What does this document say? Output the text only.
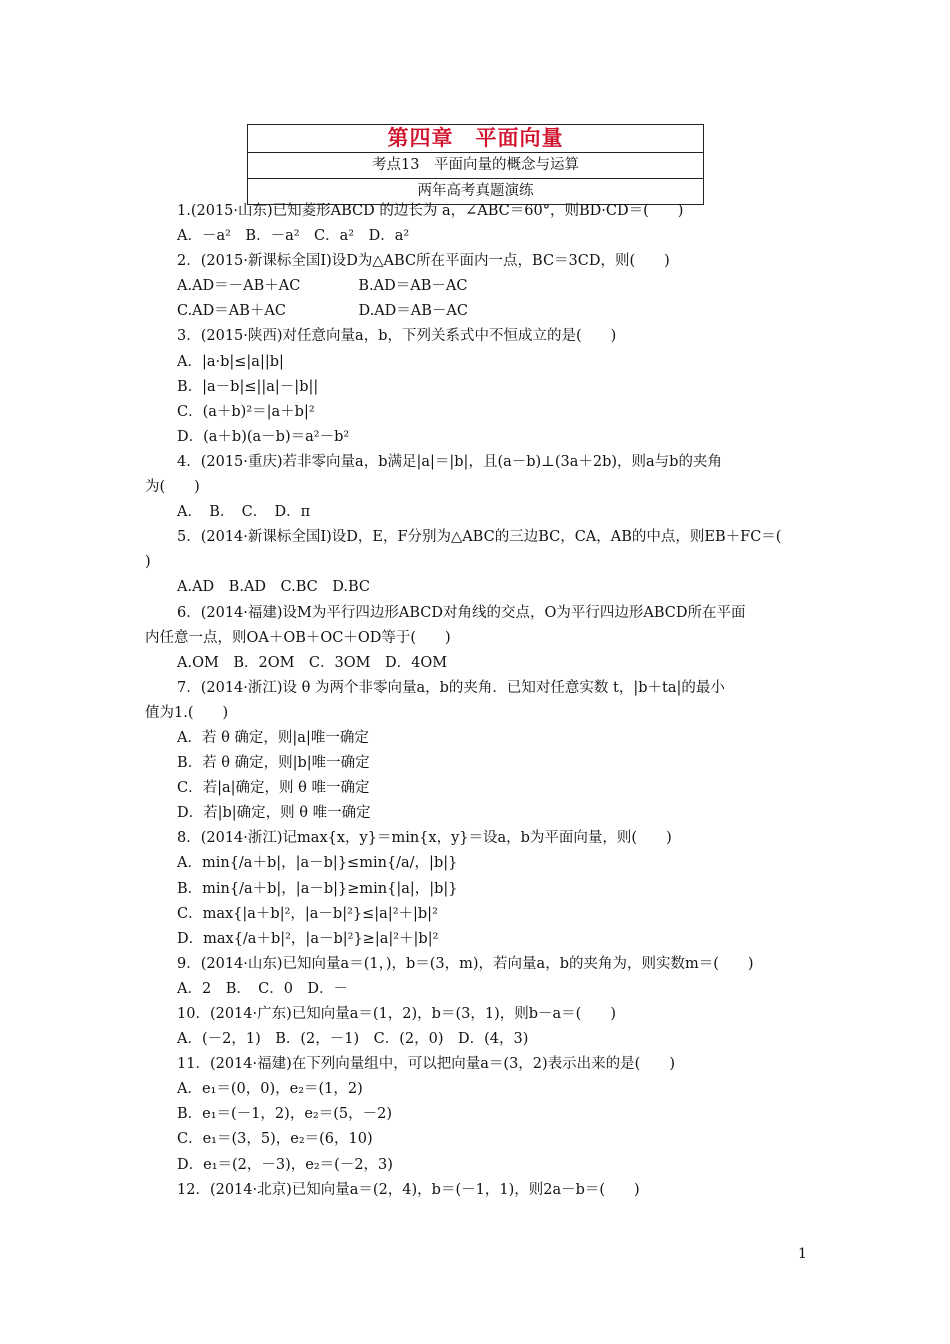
第四章　平面向量
考点13　平面向量的概念与运算
两年高考真题演练
1.(2015·山东)已知菱形ABCD 的边长为 a，∠ABC＝60°，则BD·CD＝(　　)
A．－a²　B．－a²　C．a²　D．a²
2．(2015·新课标全国Ⅰ)设D为△ABC所在平面内一点，BC＝3CD，则(　　)
A.AD＝－AB＋AC　　　　B.AD＝AB－AC
C.AD＝AB＋AC　　　　　D.AD＝AB－AC
3．(2015·陕西)对任意向量a，b，下列关系式中不恒成立的是(　　)
A．|a·b|≤|a||b|
B．|a－b|≤||a|－|b||
C．(a＋b)²＝|a＋b|²
D．(a＋b)(a－b)＝a²－b²
4．(2015·重庆)若非零向量a，b满足|a|＝|b|，且(a－b)⊥(3a＋2b)，则a与b的夹角
为(　　)
A．　B．　C．　D．π
5．(2014·新课标全国Ⅰ)设D，E，F分别为△ABC的三边BC，CA，AB的中点，则EB＋FC＝(
)
A.AD　B.AD　C.BC　D.BC
6．(2014·福建)设M为平行四边形ABCD对角线的交点，O为平行四边形ABCD所在平面
内任意一点，则OA＋OB＋OC＋OD等于(　　)
A.OM　B．2OM　C．3OM　D．4OM
7．(2014·浙江)设 θ 为两个非零向量a，b的夹角．已知对任意实数 t，|b＋ta|的最小
值为1.(　　)
A．若 θ 确定，则|a|唯一确定
B．若 θ 确定，则|b|唯一确定
C．若|a|确定，则 θ 唯一确定
D．若|b|确定，则 θ 唯一确定
8．(2014·浙江)记max{x，y}＝min{x，y}＝设a，b为平面向量，则(　　)
A．min{/a＋b|，|a－b|}≤min{/a/，|b|}
B．min{/a＋b|，|a－b|}≥min{|a|，|b|}
C．max{|a＋b|²，|a－b|²}≤|a|²＋|b|²
D．max{/a＋b|²，|a－b|²}≥|a|²＋|b|²
9．(2014·山东)已知向量a＝(1，)，b＝(3，m)，若向量a，b的夹角为，则实数m＝(　　)
A．2　B．　C．0　D．－
10．(2014·广东)已知向量a＝(1，2)，b＝(3，1)，则b－a＝(　　)
A．(－2，1)　B．(2，－1)　C．(2，0)　D．(4，3)
11．(2014·福建)在下列向量组中，可以把向量a＝(3，2)表示出来的是(　　)
A．e₁＝(0，0)，e₂＝(1，2)
B．e₁＝(－1，2)，e₂＝(5，－2)
C．e₁＝(3，5)，e₂＝(6，10)
D．e₁＝(2，－3)，e₂＝(－2，3)
12．(2014·北京)已知向量a＝(2，4)，b＝(－1，1)，则2a－b＝(　　)
1
